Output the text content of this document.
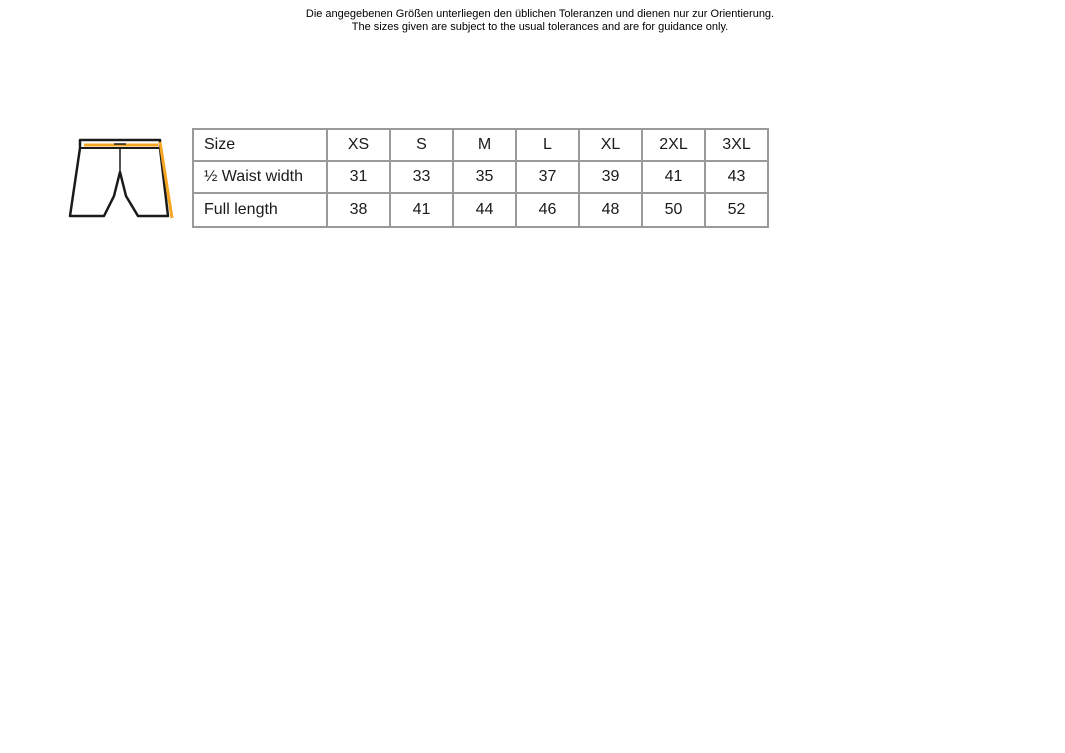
Die angegebenen Größen unterliegen den üblichen Toleranzen und dienen nur zur Orientierung.
The sizes given are subject to the usual tolerances and are for guidance only.
Size	XS	S	M	L	XL	2XL	3XL
½ Waist width	31	33	35	37	39	41	43
Full length	38	41	44	46	48	50	52
